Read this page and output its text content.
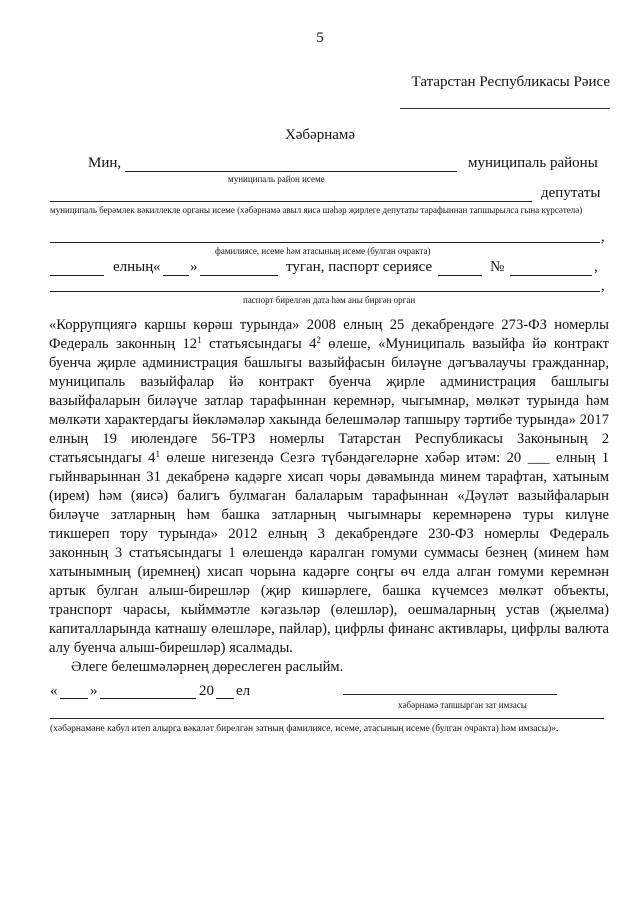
5
Татарстан Республикасы Рәисе
Хәбәрнамә
Мин,	муниципаль районы
муниципаль район исеме
депутаты
муниципаль берәмлек вәкиллекле органы исеме (хәбәрнамә авыл яисә шәһәр җирлеге депутаты тарафыннан тапшырылса гына күрсәтелә)
,
фамилиясе, исеме һәм атасының исеме (булган очракта)
елның « »	туган, паспорт сериясе	№	,
,
паспорт бирелгән дата һәм аны биргән орган

«Коррупциягә каршы көрәш турында» 2008 елның 25 декабрендәге 273-ФЗ номерлы Федераль законның $12^1$ статьясындагы $4^2$ өлеше, «Муниципаль вазыйфа йә контракт буенча җирле администрация башлыгы вазыйфасын биләүне дәгъвалаучы гражданнар, муниципаль вазыйфалар йә контракт буенча җирле администрация башлыгы вазыйфаларын биләүче затлар тарафыннан керемнәр, чыгымнар, мөлкәт турында һәм мөлкәти характердагы йөкләмәләр хакында белешмәләр тапшыру тәртибе турында» 2017 елның 19 июлендәге 56-ТРЗ номерлы Татарстан Республикасы Законының 2 статьясындагы $4^1$ өлеше нигезендә Сезгә түбәндәгеләрне хәбәр итәм: 20 ___ елның 1 гыйнварыннан 31 декабренә кадәрге хисап чоры дәвамында минем тарафтан, хатыным (ирем) һәм (яисә) балигъ булмаган балаларым тарафыннан «Дәүләт вазыйфаларын биләүче затларның һәм башка затларның чыгымнары керемнәренә туры килүне тикшереп тору турында» 2012 елның 3 декабрендәге 230-ФЗ номерлы Федераль законның 3 статьясындагы 1 өлешендә каралган гомуми суммасы безнең (минем һәм хатынымның (иремнең) хисап чорына кадәрге соңгы өч елда алган гомуми керемнән артык булган алыш-бирешләр (җир кишәрлеге, башка күчемсез мөлкәт объекты, транспорт чарасы, кыйммәтле кәгазьләр (өлешләр), оешмаларның устав (җыелма) капиталларында катнашу өлешләре, пайлар), цифрлы финанс активлары, цифрлы валюта алу буенча алыш-бирешләр) ясалмады.

Әлеге белешмәләрнең дөреслеген раслыйм.

« »	20 ел
хәбәрнамә тапшырган зат имзасы
(хәбәрнамәне кабул итеп алырга вәкаләт бирелгән затның фамилиясе, исеме, атасының исеме (булган очракта) һәм имзасы)».
